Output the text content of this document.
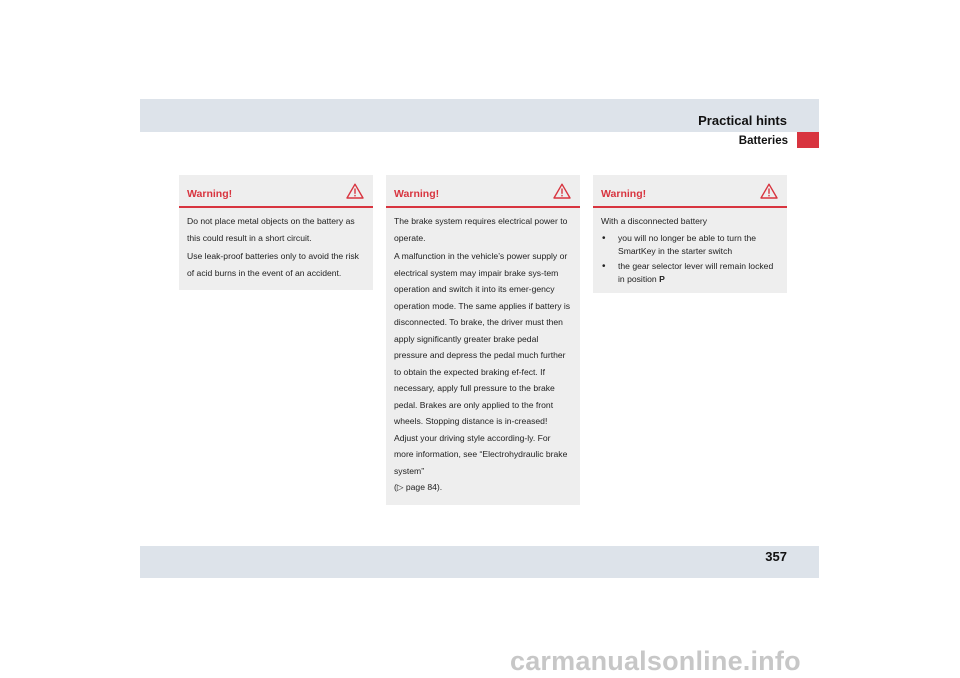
Practical hints
Batteries
Warning!

Do not place metal objects on the battery as this could result in a short circuit.

Use leak-proof batteries only to avoid the risk of acid burns in the event of an accident.

Warning!

The brake system requires electrical power to operate.

A malfunction in the vehicle’s power supply or electrical system may impair brake sys-tem operation and switch it into its emer-gency operation mode. The same applies if battery is disconnected. To brake, the driver must then apply significantly greater brake pedal pressure and depress the pedal much further to obtain the expected braking ef-fect. If necessary, apply full pressure to the brake pedal. Brakes are only applied to the front wheels. Stopping distance is in-creased! Adjust your driving style according-ly. For more information, see “Electrohydraulic brake system”

(▷ page 84).

Warning!

With a disconnected battery

• you will no longer be able to turn the SmartKey in the starter switch
• the gear selector lever will remain locked in position P
357
carmanualsonline.info
